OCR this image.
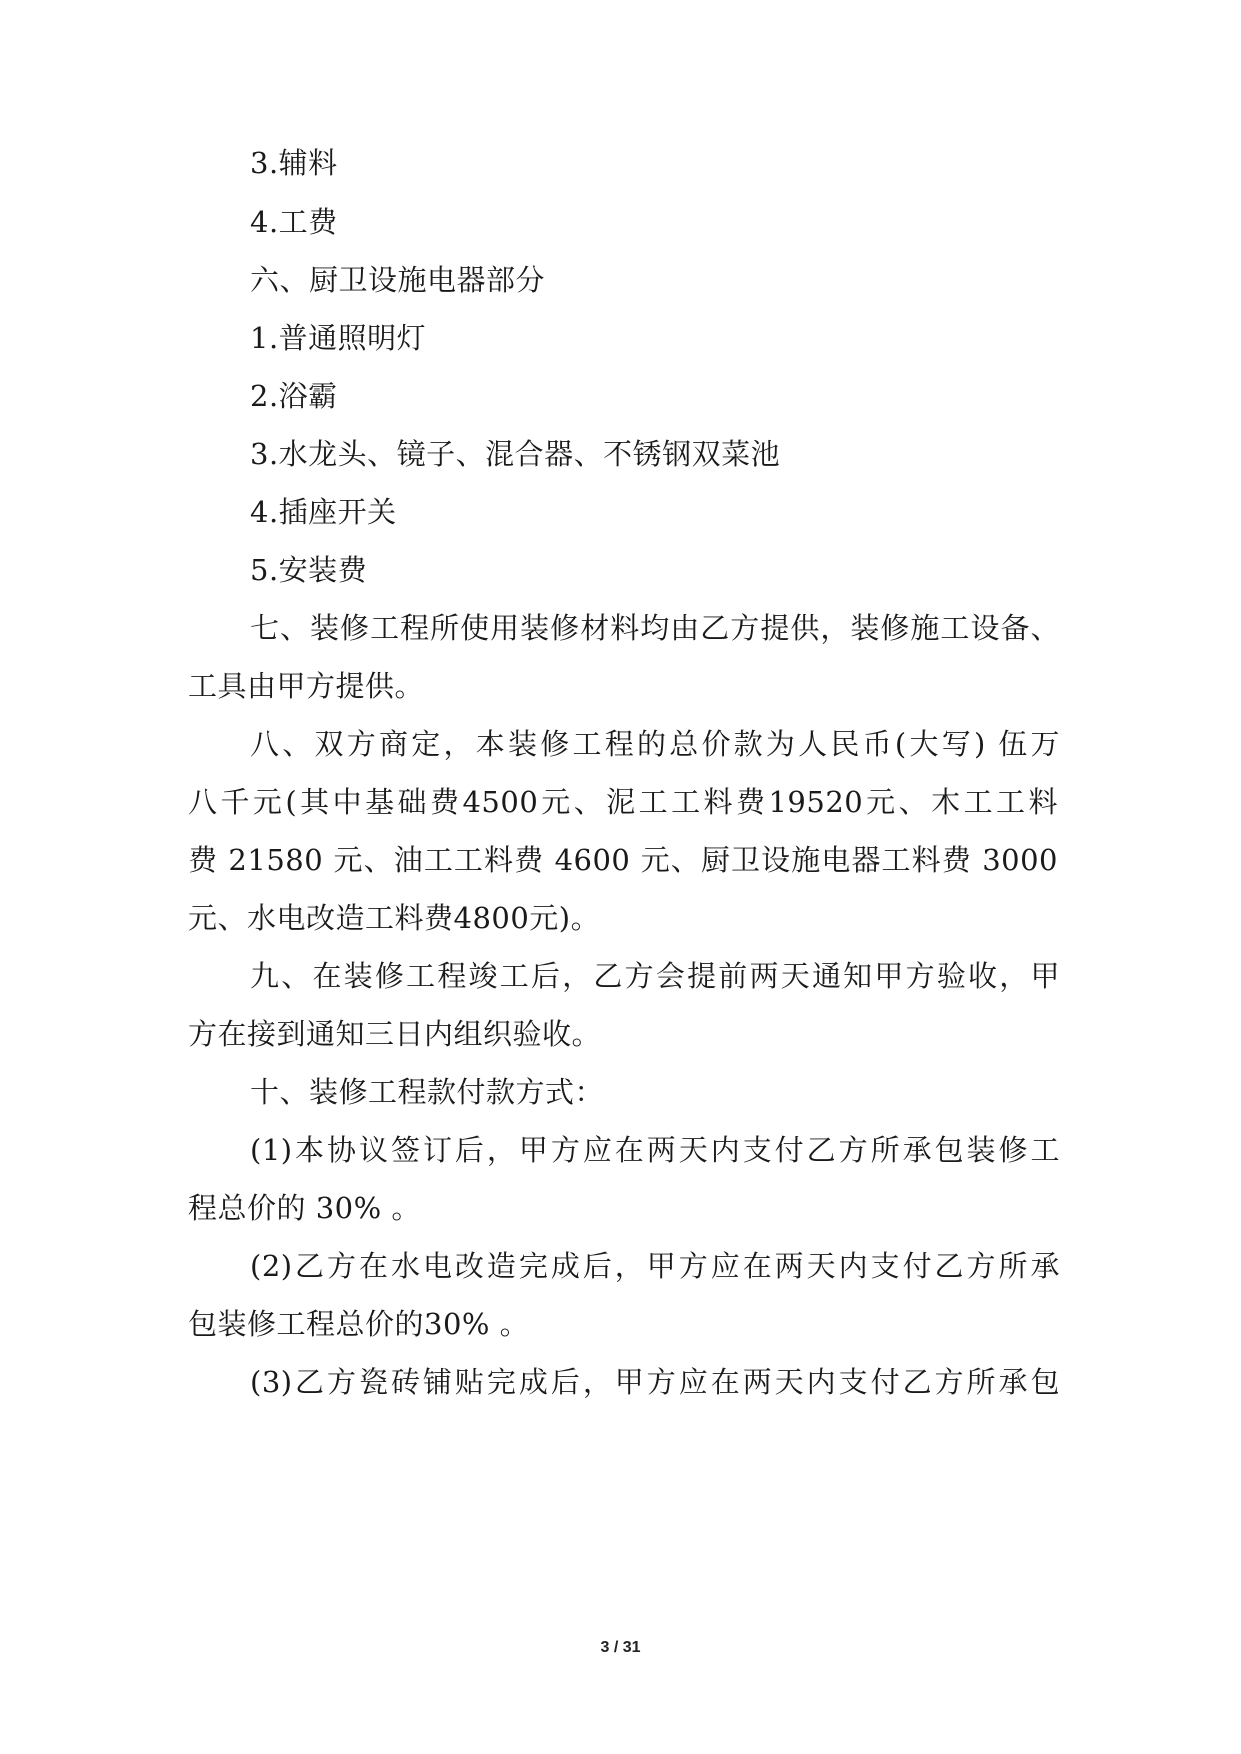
3.辅料
4.工费
六、厨卫设施电器部分
1.普通照明灯
2.浴霸
3.水龙头、镜子、混合器、不锈钢双菜池
4.插座开关
5.安装费
七、装修工程所使用装修材料均由乙方提供，装修施工设备、
工具由甲方提供。
八、双方商定，本装修工程的总价款为人民币(大写) 伍万
八千元(其中基础费4500元、泥工工料费19520元、木工工料
费 21580 元、油工工料费 4600 元、厨卫设施电器工料费 3000
元、水电改造工料费4800元)。
九、在装修工程竣工后，乙方会提前两天通知甲方验收，甲
方在接到通知三日内组织验收。
十、装修工程款付款方式：
(1)本协议签订后，甲方应在两天内支付乙方所承包装修工
程总价的 30% 。
(2)乙方在水电改造完成后，甲方应在两天内支付乙方所承
包装修工程总价的30% 。
(3)乙方瓷砖铺贴完成后，甲方应在两天内支付乙方所承包
3 / 31
